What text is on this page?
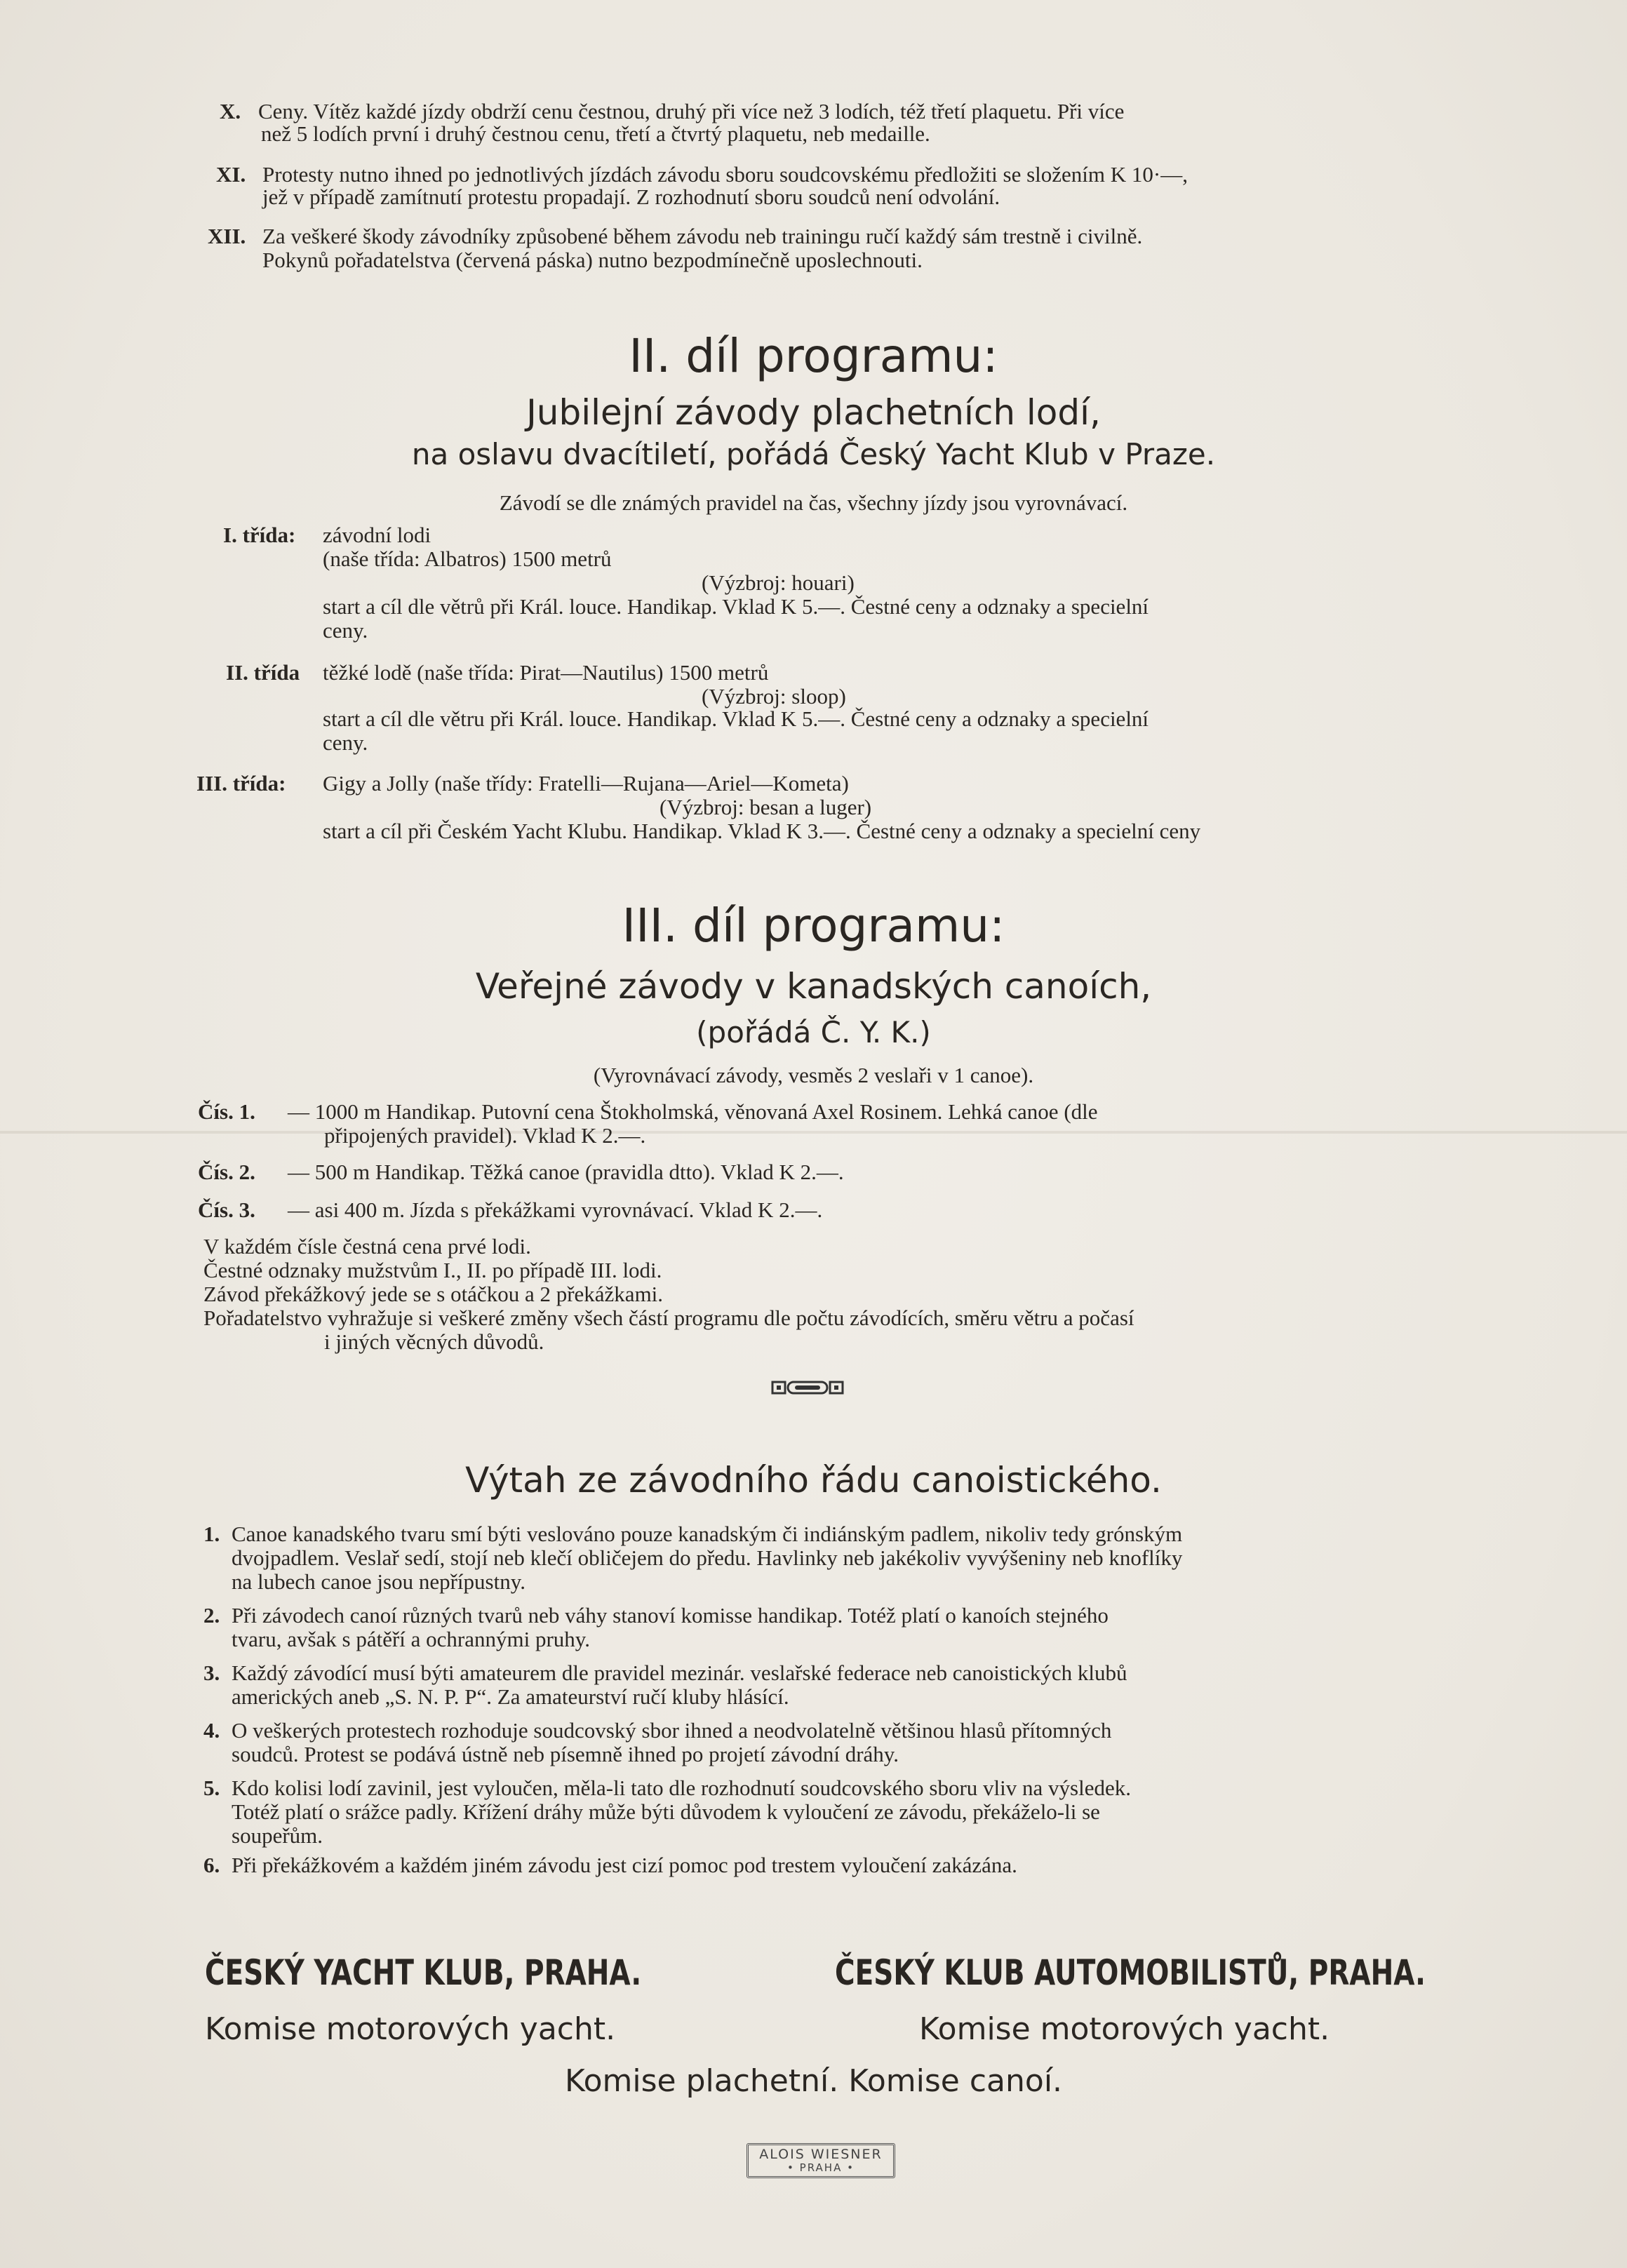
X. Ceny. Vítěz každé jízdy obdrží cenu čestnou, druhý při více než 3 lodích, též třetí plaquetu. Při více

než 5 lodích první i druhý čestnou cenu, třetí a čtvrtý plaquetu, neb medaille.

XI. Protesty nutno ihned po jednotlivých jízdách závodu sboru soudcovskému předložiti se složením K 10·—,

jež v případě zamítnutí protestu propadají. Z rozhodnutí sboru soudců není odvolání.

XII. Za veškeré škody závodníky způsobené během závodu neb trainingu ručí každý sám trestně i civilně.

Pokynů pořadatelstva (červená páska) nutno bezpodmínečně uposlechnouti.

II. díl programu:
Jubilejní závody plachetních lodí,
na oslavu dvacítiletí, pořádá Český Yacht Klub v Praze.

Závodí se dle známých pravidel na čas, všechny jízdy jsou vyrovnávací.

I. třída: závodní lodi

(naše třída: Albatros) 1500 metrů

(Výzbroj: houari)

start a cíl dle větrů při Král. louce. Handikap. Vklad K 5.—. Čestné ceny a odznaky a specielní

ceny.

II. třída těžké lodě (naše třída: Pirat—Nautilus) 1500 metrů

(Výzbroj: sloop)

start a cíl dle větru při Král. louce. Handikap. Vklad K 5.—. Čestné ceny a odznaky a specielní

ceny.

III. třída: Gigy a Jolly (naše třídy: Fratelli—Rujana—Ariel—Kometa)

(Výzbroj: besan a luger)

start a cíl při Českém Yacht Klubu. Handikap. Vklad K 3.—. Čestné ceny a odznaky a specielní ceny

III. díl programu:
Veřejné závody v kanadských canoích,
(pořádá Č. Y. K.)

(Vyrovnávací závody, vesměs 2 veslaři v 1 canoe).

Čís. 1. — 1000 m Handikap. Putovní cena Štokholmská, věnovaná Axel Rosinem. Lehká canoe (dle

připojených pravidel). Vklad K 2.—.

Čís. 2. — 500 m Handikap. Těžká canoe (pravidla dtto). Vklad K 2.—.

Čís. 3. — asi 400 m. Jízda s překážkami vyrovnávací. Vklad K 2.—.

V každém čísle čestná cena prvé lodi.

Čestné odznaky mužstvům I., II. po případě III. lodi.

Závod překážkový jede se s otáčkou a 2 překážkami.

Pořadatelstvo vyhražuje si veškeré změny všech částí programu dle počtu závodících, směru větru a počasí

i jiných věcných důvodů.

Výtah ze závodního řádu canoistického.
1. Canoe kanadského tvaru smí býti veslováno pouze kanadským či indiánským padlem, nikoliv tedy grónským

dvojpadlem. Veslař sedí, stojí neb klečí obličejem do předu. Havlinky neb jakékoliv vyvýšeniny neb knoflíky

na lubech canoe jsou nepřípustny.

2. Při závodech canoí různých tvarů neb váhy stanoví komisse handikap. Totéž platí o kanoích stejného

tvaru, avšak s pátěří a ochrannými pruhy.

3. Každý závodící musí býti amateurem dle pravidel mezinár. veslařské federace neb canoistických klubů

amerických aneb „S. N. P. P“. Za amateurství ručí kluby hlásící.

4. O veškerých protestech rozhoduje soudcovský sbor ihned a neodvolatelně většinou hlasů přítomných

soudců. Protest se podává ústně neb písemně ihned po projetí závodní dráhy.

5. Kdo kolisi lodí zavinil, jest vyloučen, měla-li tato dle rozhodnutí soudcovského sboru vliv na výsledek.

Totéž platí o srážce padly. Křížení dráhy může býti důvodem k vyloučení ze závodu, překáželo-li se

soupeřům.

6. Při překážkovém a každém jiném závodu jest cizí pomoc pod trestem vyloučení zakázána.

ČESKÝ YACHT KLUB, PRAHA.	ČESKÝ KLUB AUTOMOBILISTŮ, PRAHA.
Komise motorových yacht.	Komise motorových yacht.
Komise plachetní. Komise canoí.
ALOIS WIESNER
• PRAHA •
